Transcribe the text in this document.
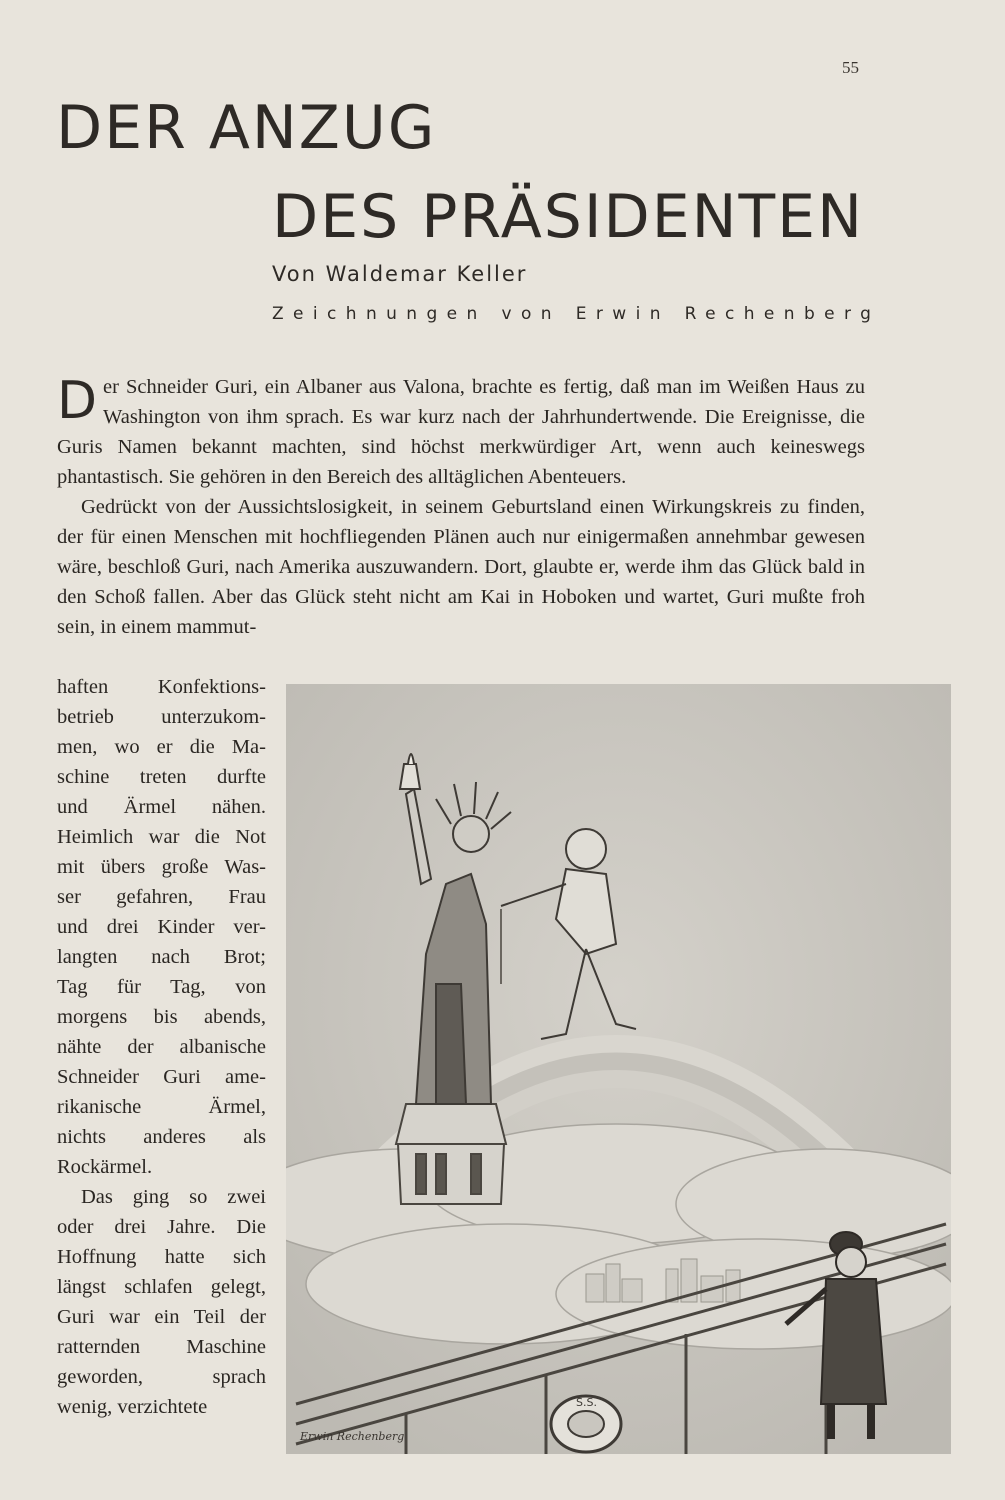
55
DER ANZUG
DES PRÄSIDENTEN
Von Waldemar Keller
Zeichnungen von Erwin Rechenberg

Der Schneider Guri, ein Albaner aus Valona, brachte es fertig, daß man im Weißen Haus zu Washington von ihm sprach. Es war kurz nach der Jahrhundertwende. Die Ereignisse, die Guris Namen bekannt machten, sind höchst merkwürdiger Art, wenn auch keineswegs phantastisch. Sie gehören in den Bereich des alltäglichen Abenteuers.

Gedrückt von der Aussichtslosigkeit, in seinem Geburtsland einen Wirkungskreis zu finden, der für einen Menschen mit hochfliegenden Plänen auch nur einigermaßen annehmbar gewesen wäre, beschloß Guri, nach Amerika auszuwandern. Dort, glaubte er, werde ihm das Glück bald in den Schoß fallen. Aber das Glück steht nicht am Kai in Hoboken und wartet, Guri mußte froh sein, in einem mammut-

haften Konfektions-
betrieb unterzukom-
men, wo er die Ma-
schine treten durfte
und Ärmel nähen.
Heimlich war die Not
mit übers große Was-
ser gefahren, Frau
und drei Kinder ver-
langten nach Brot;
Tag für Tag, von
morgens bis abends,
nähte der albanische
Schneider Guri ame-
rikanische Ärmel,
nichts anderes als
Rockärmel.
Das ging so zwei
oder drei Jahre. Die
Hoffnung hatte sich
längst schlafen gelegt,
Guri war ein Teil der
ratternden Maschine
geworden, sprach
wenig, verzichtete	S.S.
Erwin Rechenberg
